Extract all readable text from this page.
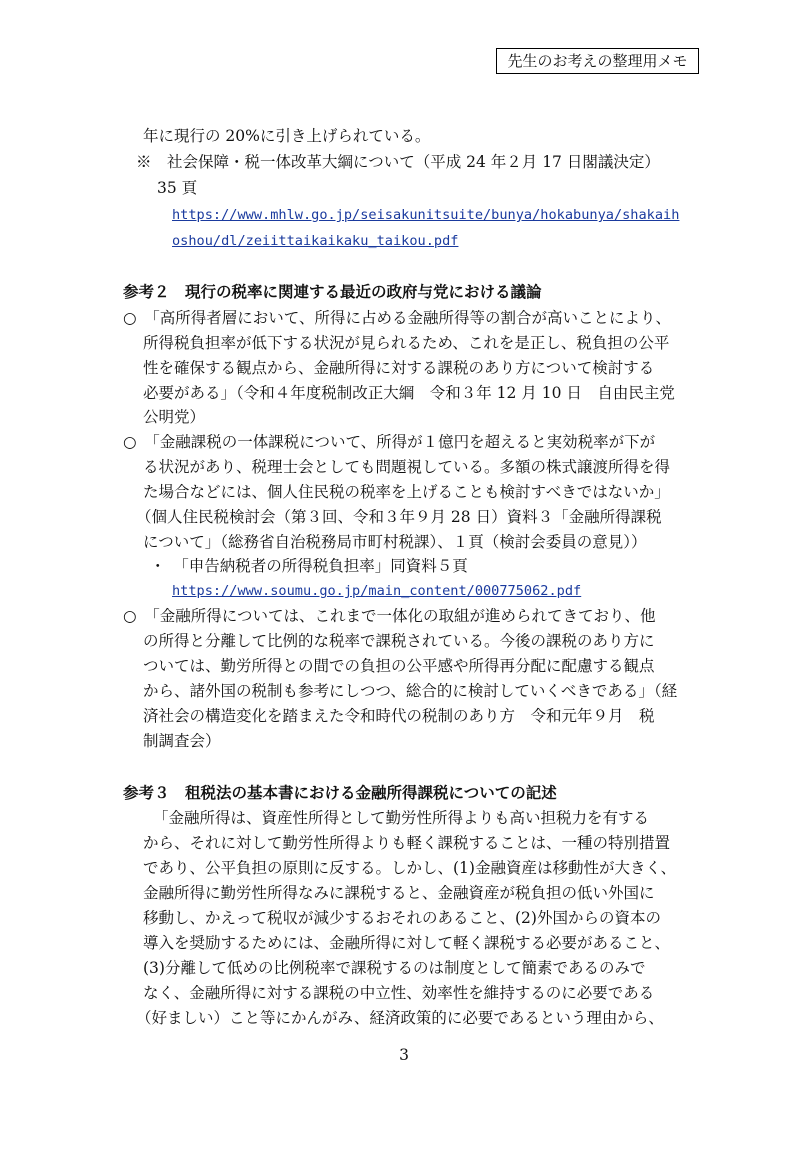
先生のお考えの整理用メモ
年に現行の 20%に引き上げられている。
※　社会保障・税一体改革大綱について（平成 24 年２月 17 日閣議決定）
35 頁
https://www.mhlw.go.jp/seisakunitsuite/bunya/hokabunya/shakaih
oshou/dl/zeiittaikaikaku_taikou.pdf
参考２　現行の税率に関連する最近の政府与党における議論
○　「高所得者層において、所得に占める金融所得等の割合が高いことにより、
所得税負担率が低下する状況が見られるため、これを是正し、税負担の公平
性を確保する観点から、金融所得に対する課税のあり方について検討する
必要がある」（令和４年度税制改正大綱　令和３年 12 月 10 日　自由民主党
公明党）
○　「金融課税の一体課税について、所得が１億円を超えると実効税率が下が
る状況があり、税理士会としても問題視している。多額の株式譲渡所得を得
た場合などには、個人住民税の税率を上げることも検討すべきではないか」
（個人住民税検討会（第３回、令和３年９月 28 日）資料３「金融所得課税
について」（総務省自治税務局市町村税課）、１頁（検討会委員の意見））
・　「申告納税者の所得税負担率」同資料５頁
https://www.soumu.go.jp/main_content/000775062.pdf
○　「金融所得については、これまで一体化の取組が進められてきており、他
の所得と分離して比例的な税率で課税されている。今後の課税のあり方に
ついては、勤労所得との間での負担の公平感や所得再分配に配慮する観点
から、諸外国の税制も参考にしつつ、総合的に検討していくべきである」（経
済社会の構造変化を踏まえた令和時代の税制のあり方　令和元年９月　税
制調査会）
参考３　租税法の基本書における金融所得課税についての記述
「金融所得は、資産性所得として勤労性所得よりも高い担税力を有する
から、それに対して勤労性所得よりも軽く課税することは、一種の特別措置
であり、公平負担の原則に反する。しかし、(1)金融資産は移動性が大きく、
金融所得に勤労性所得なみに課税すると、金融資産が税負担の低い外国に
移動し、かえって税収が減少するおそれのあること、(2)外国からの資本の
導入を奨励するためには、金融所得に対して軽く課税する必要があること、
(3)分離して低めの比例税率で課税するのは制度として簡素であるのみで
なく、金融所得に対する課税の中立性、効率性を維持するのに必要である
（好ましい）こと等にかんがみ、経済政策的に必要であるという理由から、
3
